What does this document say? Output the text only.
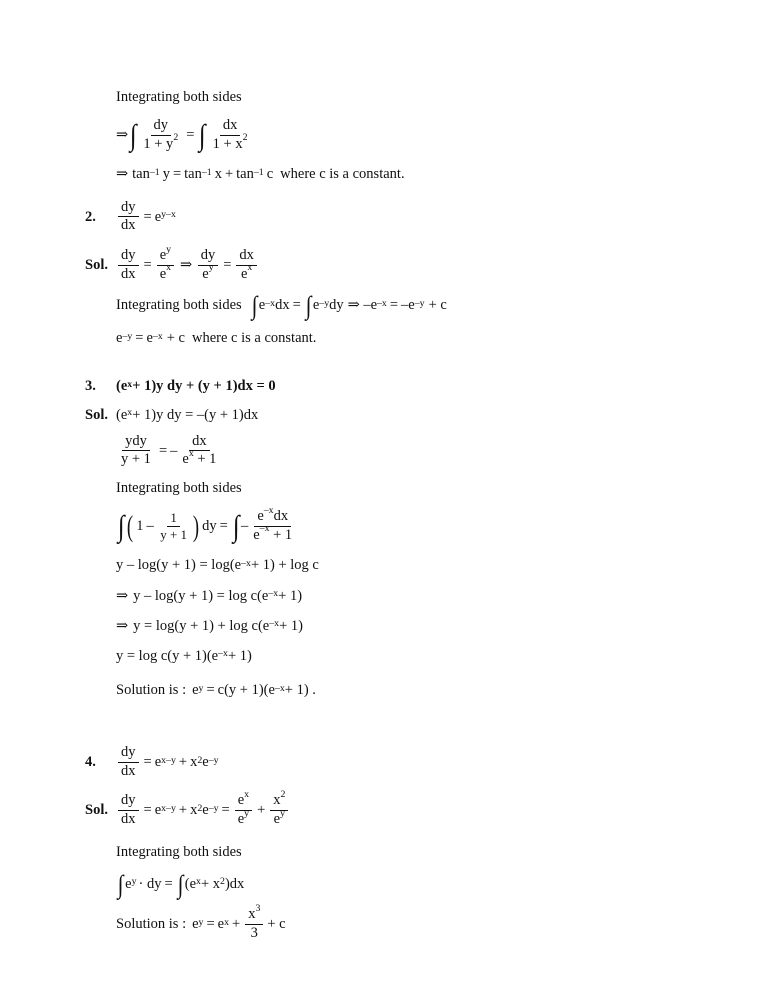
Integrating both sides
⇒ ∫ $\frac{dy}{1 + y^2}$ = ∫ $\frac{dx}{1 + x^2}$
⇒ tan –1 y = tan –1 x + tan –1 c where c is a constant.
2.	$\frac{dy}{dx} = e$ y–x
Sol. $\frac{dy}{dx} = \frac{e^y}{e^x}$ ⇒ $\frac{dy}{e^y} = \frac{dx}{e^x}$
Integrating both sides ∫ e –x dx = ∫ e –y dy ⇒ –e –x = –e –y + c
e –y = e –x + c where c is a constant.
3.	(e x + 1)y dy + (y + 1)dx = 0
Sol. (e x + 1)y dy = –(y + 1)dx
$\frac{\text{ydy}}{y + 1}$ = – $\frac{dx}{e^x + 1}$
Integrating both sides
∫ ( $1 - \frac{1}{y + 1}$ ) dy = ∫ – $\frac{e^{-x}dx}{e^{-x} + 1}$
y – log(y + 1) = log(e –x + 1) + log c
⇒ y – log(y + 1) = log c(e –x + 1)
⇒ y = log(y + 1) + log c(e –x + 1)
y = log c(y + 1)(e –x + 1)
Solution is : e y = c(y + 1)(e –x + 1) .
4.	$\frac{dy}{dx} = e$ x–y + x 2 e –y
Sol. $\frac{dy}{dx} = e$ x–y + x 2 e $-y = \frac{e^x}{e^y} + \frac{x^2}{e^y}$
Integrating both sides
∫ e y · dy = ∫ (e x + x 2 )dx
Solution is : e y = e $x + \frac{x^3}{3} + c$
